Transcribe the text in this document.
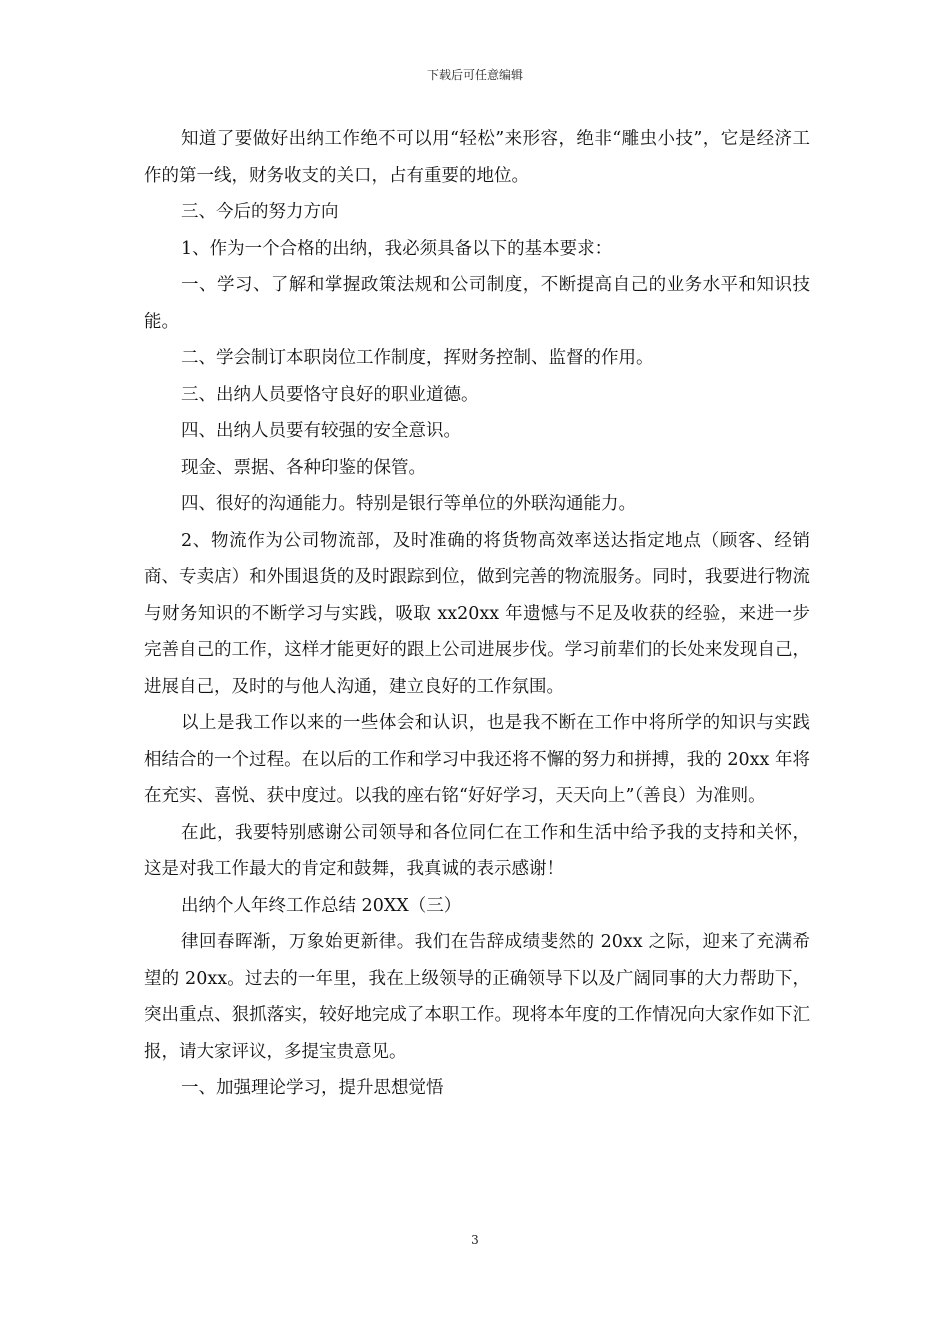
下载后可任意编辑

知道了要做好出纳工作绝不可以用“轻松”来形容，绝非“雕虫小技”，它是经济工作的第一线，财务收支的关口，占有重要的地位。

三、今后的努力方向

1、作为一个合格的出纳，我必须具备以下的基本要求：

一、学习、了解和掌握政策法规和公司制度，不断提高自己的业务水平和知识技能。

二、学会制订本职岗位工作制度，挥财务控制、监督的作用。

三、出纳人员要恪守良好的职业道德。

四、出纳人员要有较强的安全意识。

现金、票据、各种印鉴的保管。

四、很好的沟通能力。特别是银行等单位的外联沟通能力。

2、物流作为公司物流部，及时准确的将货物高效率送达指定地点（顾客、经销商、专卖店）和外围退货的及时跟踪到位，做到完善的物流服务。同时，我要进行物流与财务知识的不断学习与实践，吸取 xx20xx 年遗憾与不足及收获的经验，来进一步完善自己的工作，这样才能更好的跟上公司进展步伐。学习前辈们的长处来发现自己，进展自己，及时的与他人沟通，建立良好的工作氛围。

以上是我工作以来的一些体会和认识，也是我不断在工作中将所学的知识与实践相结合的一个过程。在以后的工作和学习中我还将不懈的努力和拼搏，我的 20xx 年将在充实、喜悦、获中度过。以我的座右铭“好好学习，天天向上”（善良）为准则。

在此，我要特别感谢公司领导和各位同仁在工作和生活中给予我的支持和关怀，这是对我工作最大的肯定和鼓舞，我真诚的表示感谢！

出纳个人年终工作总结 20XX（三）

律回春晖渐，万象始更新律。我们在告辞成绩斐然的 20xx 之际，迎来了充满希望的 20xx。过去的一年里，我在上级领导的正确领导下以及广阔同事的大力帮助下，突出重点、狠抓落实，较好地完成了本职工作。现将本年度的工作情况向大家作如下汇报，请大家评议，多提宝贵意见。

一、加强理论学习，提升思想觉悟

3
